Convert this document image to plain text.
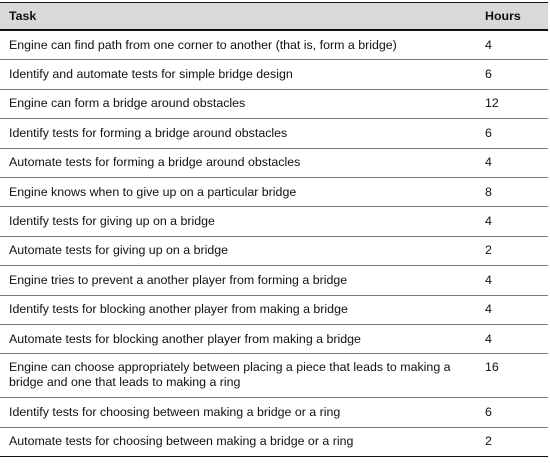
Task	Hours
Engine can find path from one corner to another (that is, form a bridge)	4
Identify and automate tests for simple bridge design	6
Engine can form a bridge around obstacles	12
Identify tests for forming a bridge around obstacles	6
Automate tests for forming a bridge around obstacles	4
Engine knows when to give up on a particular bridge	8
Identify tests for giving up on a bridge	4
Automate tests for giving up on a bridge	2
Engine tries to prevent a another player from forming a bridge	4
Identify tests for blocking another player from making a bridge	4
Automate tests for blocking another player from making a bridge	4
Engine can choose appropriately between placing a piece that leads to making a bridge and one that leads to making a ring	16
Identify tests for choosing between making a bridge or a ring	6
Automate tests for choosing between making a bridge or a ring	2
